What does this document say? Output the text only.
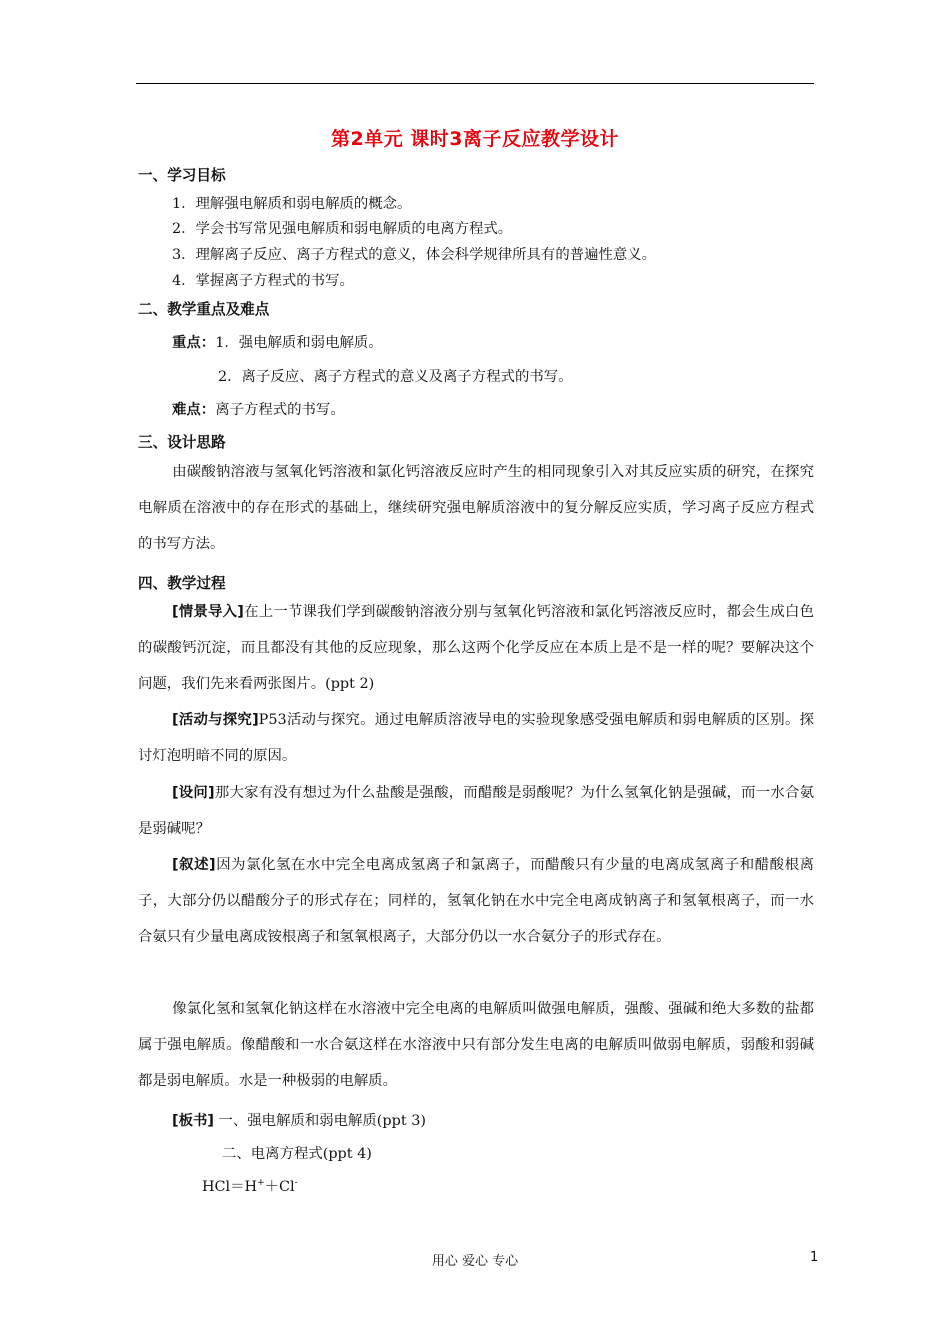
第2单元 课时3离子反应教学设计
一、学习目标
1．理解强电解质和弱电解质的概念。
2．学会书写常见强电解质和弱电解质的电离方程式。
3．理解离子反应、离子方程式的意义，体会科学规律所具有的普遍性意义。
4．掌握离子方程式的书写。
二、教学重点及难点
重点：1．强电解质和弱电解质。
2．离子反应、离子方程式的意义及离子方程式的书写。
难点：离子方程式的书写。
三、设计思路
由碳酸钠溶液与氢氧化钙溶液和氯化钙溶液反应时产生的相同现象引入对其反应实质的研究，在探究电解质在溶液中的存在形式的基础上，继续研究强电解质溶液中的复分解反应实质，学习离子反应方程式的书写方法。
四、教学过程
[情景导入]在上一节课我们学到碳酸钠溶液分别与氢氧化钙溶液和氯化钙溶液反应时，都会生成白色的碳酸钙沉淀，而且都没有其他的反应现象，那么这两个化学反应在本质上是不是一样的呢？要解决这个问题，我们先来看两张图片。(ppt 2)
[活动与探究]P53活动与探究。通过电解质溶液导电的实验现象感受强电解质和弱电解质的区别。探讨灯泡明暗不同的原因。
[设问]那大家有没有想过为什么盐酸是强酸，而醋酸是弱酸呢？为什么氢氧化钠是强碱，而一水合氨是弱碱呢？
[叙述]因为氯化氢在水中完全电离成氢离子和氯离子，而醋酸只有少量的电离成氢离子和醋酸根离子，大部分仍以醋酸分子的形式存在；同样的，氢氧化钠在水中完全电离成钠离子和氢氧根离子，而一水合氨只有少量电离成铵根离子和氢氧根离子，大部分仍以一水合氨分子的形式存在。
像氯化氢和氢氧化钠这样在水溶液中完全电离的电解质叫做强电解质，强酸、强碱和绝大多数的盐都属于强电解质。像醋酸和一水合氨这样在水溶液中只有部分发生电离的电解质叫做弱电解质，弱酸和弱碱都是弱电解质。水是一种极弱的电解质。
[板书] 一、强电解质和弱电解质(ppt 3)
二、电离方程式(ppt 4)
HCl＝H+＋Cl-
用心 爱心 专心	1
